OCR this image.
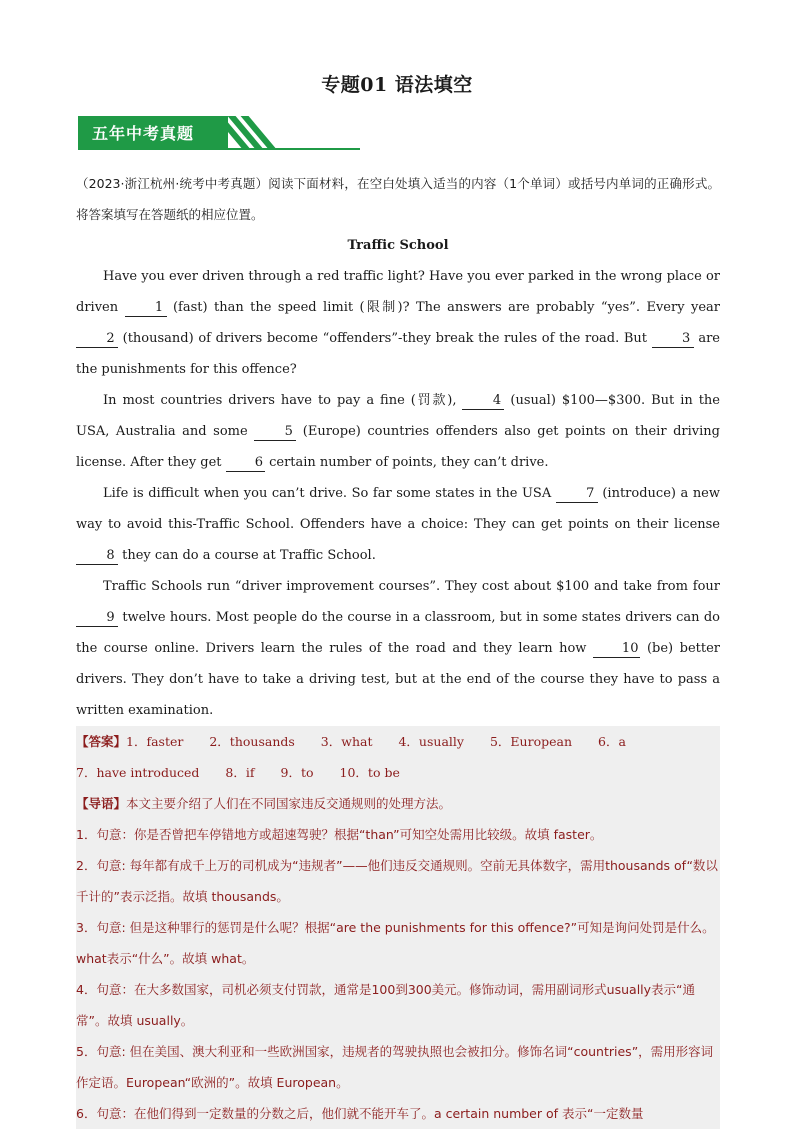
专题01 语法填空
五年中考真题

（2023·浙江杭州·统考中考真题）阅读下面材料，在空白处填入适当的内容（1个单词）或括号内单词的正确形式。将答案填写在答题纸的相应位置。

Traffic School

Have you ever driven through a red traffic light? Have you ever parked in the wrong place or driven	1 (fast) than the speed limit (限制)? The answers are probably “yes”. Every year 2 (thousand) of drivers become “offenders”-they break the rules of the road. But	3 are the punishments for this offence?

In most countries drivers have to pay a fine (罚款),	4 (usual) $100—$300. But in the USA, Australia and some	5 (Europe) countries offenders also get points on their driving license. After they get	6 certain number of points, they can’t drive.

Life is difficult when you can’t drive. So far some states in the USA	7 (introduce) a new way to avoid this-Traffic School. Offenders have a choice: They can get points on their license 8 they can do a course at Traffic School.

Traffic Schools run “driver improvement courses”. They cost about $100 and take from four 9 twelve hours. Most people do the course in a classroom, but in some states drivers can do the course online. Drivers learn the rules of the road and they learn how	10 (be) better drivers. They don’t have to take a driving test, but at the end of the course they have to pass a written examination.

【答案】1．faster 2．thousands 3．what 4．usually 5．European 6．a7．have introduced 8．if 9．to 10．to be

【导语】本文主要介绍了人们在不同国家违反交通规则的处理方法。

1．句意：你是否曾把车停错地方或超速驾驶？根据“than”可知空处需用比较级。故填 faster。

2．句意: 每年都有成千上万的司机成为“违规者”——他们违反交通规则。空前无具体数字，需用thousands of“数以千计的”表示泛指。故填 thousands。

3．句意: 但是这种罪行的惩罚是什么呢？根据“are the punishments for this offence?”可知是询问处罚是什么。what表示“什么”。故填 what。

4．句意：在大多数国家，司机必须支付罚款，通常是100到300美元。修饰动词，需用副词形式usually表示“通常”。故填 usually。

5．句意: 但在美国、澳大利亚和一些欧洲国家，违规者的驾驶执照也会被扣分。修饰名词“countries”，需用形容词作定语。European“欧洲的”。故填 European。

6．句意：在他们得到一定数量的分数之后，他们就不能开车了。a certain number of 表示“一定数量
